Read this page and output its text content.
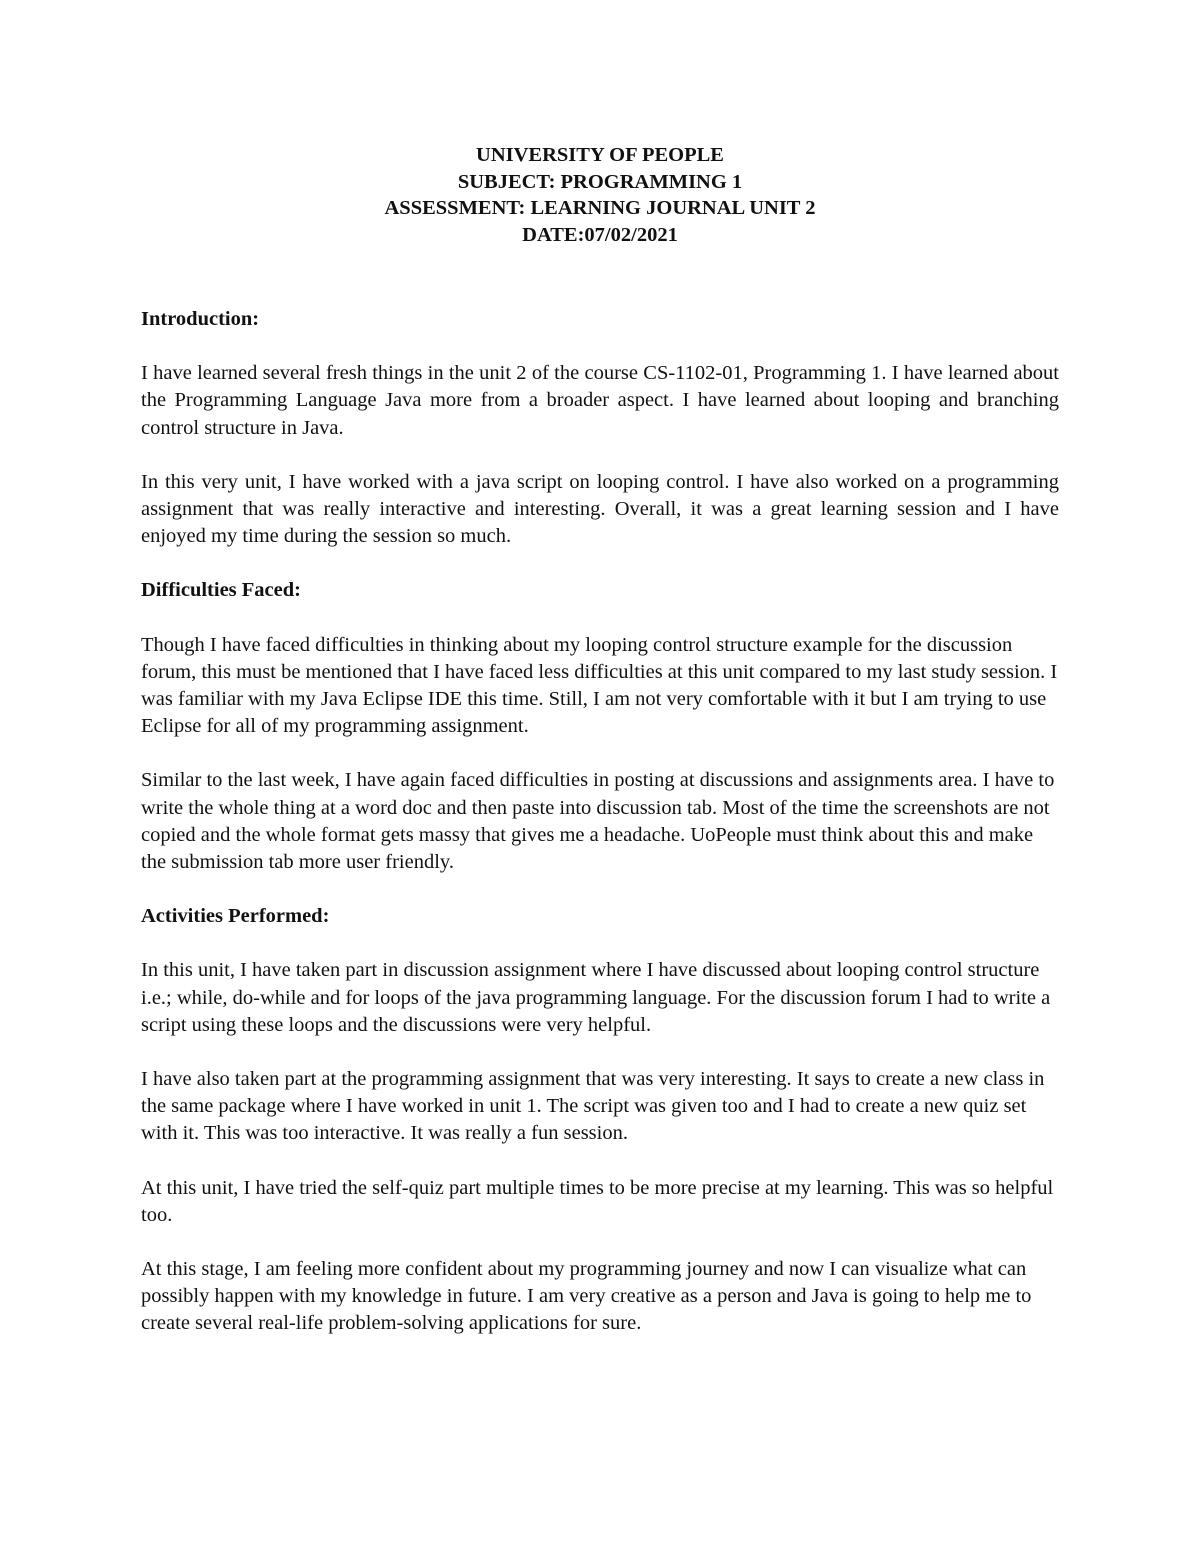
UNIVERSITY OF PEOPLE
SUBJECT: PROGRAMMING 1
ASSESSMENT: LEARNING JOURNAL UNIT 2
DATE:07/02/2021
Introduction:
I have learned several fresh things in the unit 2 of the course CS-1102-01, Programming 1. I have learned about the Programming Language Java more from a broader aspect. I have learned about looping and branching control structure in Java.
In this very unit, I have worked with a java script on looping control. I have also worked on a programming assignment that was really interactive and interesting. Overall, it was a great learning session and I have enjoyed my time during the session so much.
Difficulties Faced:
Though I have faced difficulties in thinking about my looping control structure example for the discussion forum, this must be mentioned that I have faced less difficulties at this unit compared to my last study session. I was familiar with my Java Eclipse IDE this time. Still, I am not very comfortable with it but I am trying to use Eclipse for all of my programming assignment.
Similar to the last week, I have again faced difficulties in posting at discussions and assignments area. I have to write the whole thing at a word doc and then paste into discussion tab. Most of the time the screenshots are not copied and the whole format gets massy that gives me a headache. UoPeople must think about this and make the submission tab more user friendly.
Activities Performed:
In this unit, I have taken part in discussion assignment where I have discussed about looping control structure i.e.; while, do-while and for loops of the java programming language. For the discussion forum I had to write a script using these loops and the discussions were very helpful.
I have also taken part at the programming assignment that was very interesting. It says to create a new class in the same package where I have worked in unit 1. The script was given too and I had to create a new quiz set with it. This was too interactive. It was really a fun session.
At this unit, I have tried the self-quiz part multiple times to be more precise at my learning. This was so helpful too.
At this stage, I am feeling more confident about my programming journey and now I can visualize what can possibly happen with my knowledge in future. I am very creative as a person and Java is going to help me to create several real-life problem-solving applications for sure.
